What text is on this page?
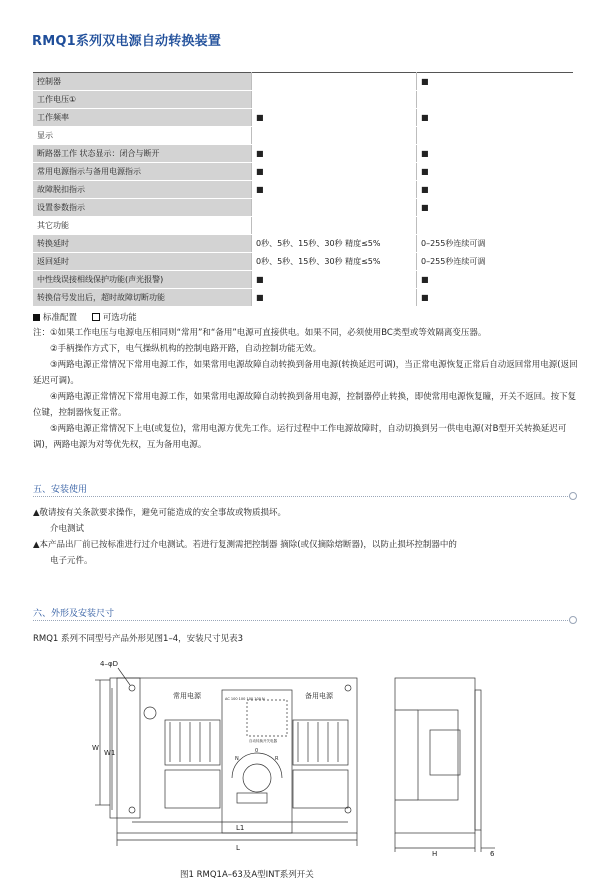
RMQ1系列双电源自动转换装置
控制器		■
工作电压①		
工作频率	■	■
显示		
断路器工作 状态显示：闭合与断开	■	■
常用电源指示与备用电源指示	■	■
故障脱扣指示	■	■
设置参数指示		■
其它功能		
转换延时	0秒、5秒、15秒、30秒 精度≤5%	0–255秒连续可调
返回延时	0秒、5秒、15秒、30秒 精度≤5%	0–255秒连续可调
中性线误接相线保护功能(声光报警)	■	■
转换信号发出后，超时故障切断功能	■	■
标准配置	可选功能

注：①如果工作电压与电源电压相同则“常用”和“备用”电源可直接供电。如果不同，必须使用BC类型或等效隔离变压器。

②手柄操作方式下，电气操纵机构的控制电路开路，自动控制功能无效。

③两路电源正常情况下常用电源工作，如果常用电源故障自动转换到备用电源(转换延迟可调)，当正常电源恢复正常后自动返回常用电源(返回延迟可调)。

④两路电源正常情况下常用电源工作，如果常用电源故障自动转换到备用电源，控制器停止转换，即使常用电源恢复瞳，开关不返回。按下复位键，控制器恢复正常。

⑤两路电源正常情况下上电(或复位)，常用电源方优先工作。运行过程中工作电源故障时，自动切换到另一供电电源(对B型开关转换延迟可调)，两路电源为对等优先权，互为备用电源。

五、安装使用
▲敬请按有关条款要求操作，避免可能造成的安全事故或物质损坏。
介电测试
▲本产品出厂前已按标准进行过介电测试。若进行复测需把控制器 摘除(或仅摘除熔断器)，以防止损坏控制器中的
电子元件。
六、外形及安装尺寸
RMQ1 系列不同型号产品外形见图1–4，安装尺寸见表3
4–φD
常用电源	备用电源
AC 100 100 100 100 N
自动转换开关电器
N	R
0
W
W1
L1
L
H	6
图1 RMQ1A–63及A型INT系列开关
